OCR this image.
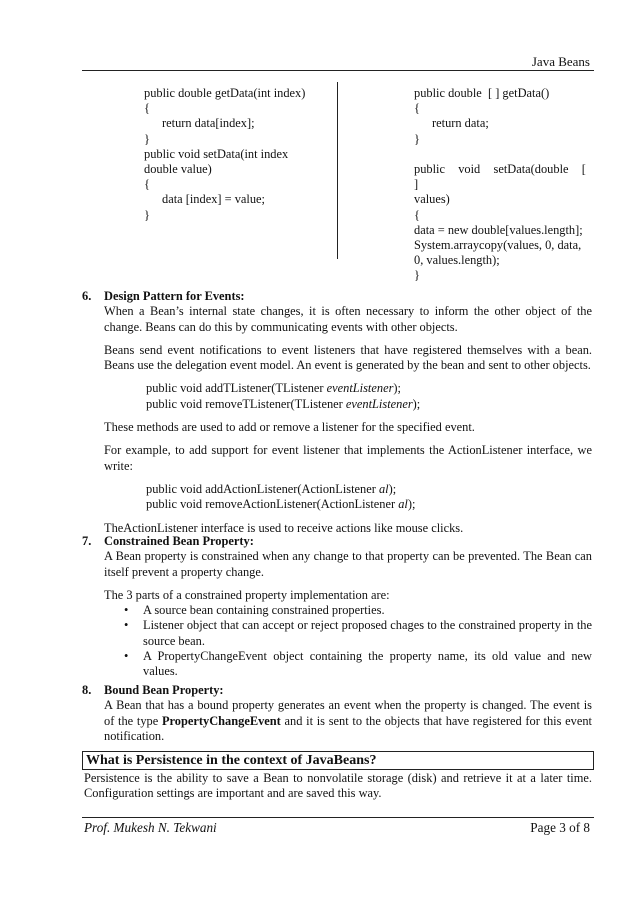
Java Beans
public double getData(int index)
{
return data[index];
}
public void setData(int index double value)
{
data [index] = value;
}
public double  [ ] getData()
{
return data;
}

public  void  setData(double  [  ]
values)
{
data = new double[values.length];
System.arraycopy(values, 0, data, 0, values.length);
}
6. Design Pattern for Events:
When a Bean’s internal state changes, it is often necessary to inform the other object of the change. Beans can do this by communicating events with other objects.
Beans send event notifications to event listeners that have registered themselves with a bean. Beans use the delegation event model. An event is generated by the bean and sent to other objects.
public void addTListener(TListener eventListener);
public void removeTListener(TListener eventListener);
These methods are used to add or remove a listener for the specified event.
For example, to add support for event listener that implements the ActionListener interface, we write:
public void addActionListener(ActionListener al);
public void removeActionListener(ActionListener al);
TheActionListener interface is used to receive actions like mouse clicks.
7. Constrained Bean Property:
A Bean property is constrained when any change to that property can be prevented. The Bean can itself prevent a property change.
The 3 parts of a constrained property implementation are:
• A source bean containing constrained properties.
• Listener object that can accept or reject proposed chages to the constrained property in the source bean.
• A PropertyChangeEvent object containing the property name, its old value and new values.
8. Bound Bean Property:
A Bean that has a bound property generates an event when the property is changed. The event is of the type PropertyChangeEvent and it is sent to the objects that have registered for this event notification.
What is Persistence in the context of JavaBeans?
Persistence is the ability to save a Bean to nonvolatile storage (disk) and retrieve it at a later time. Configuration settings are important and are saved this way.
Prof. Mukesh N. Tekwani	Page 3 of 8
